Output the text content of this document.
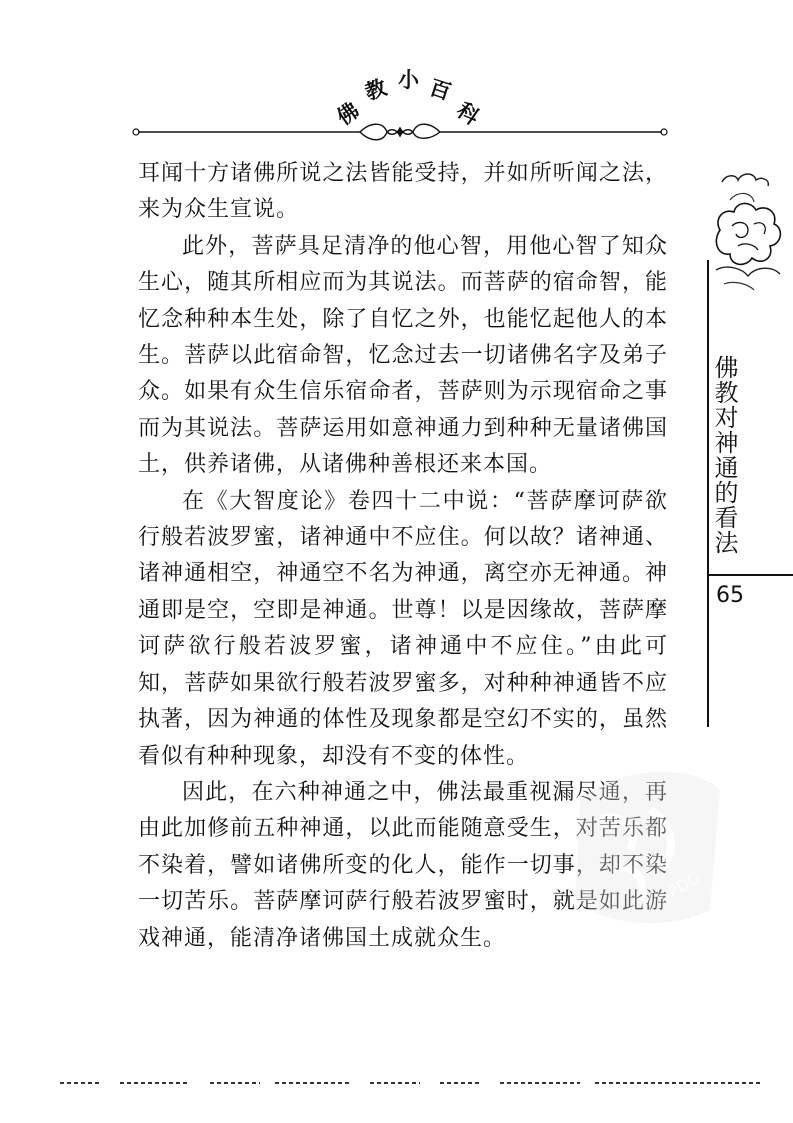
佛
教 小 百
科

耳闻十方诸佛所说之法皆能受持，并如所听闻之法，来为众生宣说。

此外，菩萨具足清净的他心智，用他心智了知众生心，随其所相应而为其说法。而菩萨的宿命智，能忆念种种本生处，除了自忆之外，也能忆起他人的本生。菩萨以此宿命智，忆念过去一切诸佛名字及弟子众。如果有众生信乐宿命者，菩萨则为示现宿命之事而为其说法。菩萨运用如意神通力到种种无量诸佛国土，供养诸佛，从诸佛种善根还来本国。

在《大智度论》卷四十二中说：“菩萨摩诃萨欲行般若波罗蜜，诸神通中不应住。何以故？诸神通、诸神通相空，神通空不名为神通，离空亦无神通。神通即是空，空即是神通。世尊！以是因缘故，菩萨摩诃萨欲行般若波罗蜜，诸神通中不应住。”由此可知，菩萨如果欲行般若波罗蜜多，对种种神通皆不应执著，因为神通的体性及现象都是空幻不实的，虽然看似有种种现象，却没有不变的体性。

因此，在六种神通之中，佛法最重视漏尽通，再由此加修前五种神通，以此而能随意受生，对苦乐都不染着，譬如诸佛所变的化人，能作一切事，却不染一切苦乐。菩萨摩诃萨行般若波罗蜜时，就是如此游戏神通，能清净诸佛国土成就众生。

佛教对神通的看法
65
PDG
